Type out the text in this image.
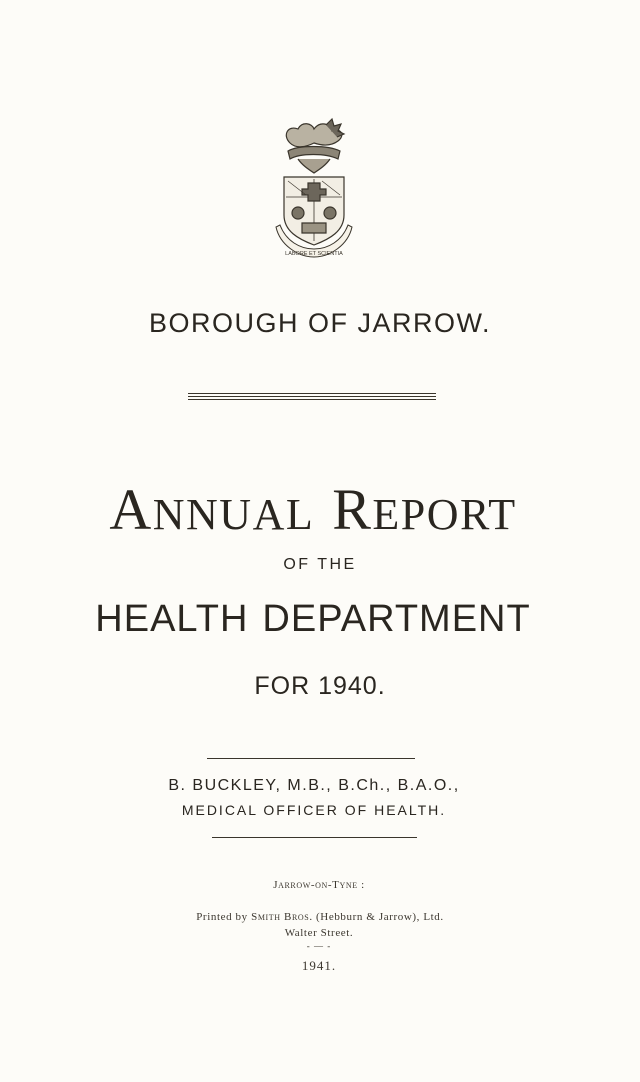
LABORE ET SCIENTIA
BOROUGH OF JARROW.
ANNUAL REPORT
OF THE
HEALTH DEPARTMENT
FOR 1940.
B. BUCKLEY, M.B., B.Ch., B.A.O.,
MEDICAL OFFICER OF HEALTH.
Jarrow-on-Tyne :
Printed by Smith Bros. (Hebburn & Jarrow), Ltd.
Walter Street.
- — -
1941.
